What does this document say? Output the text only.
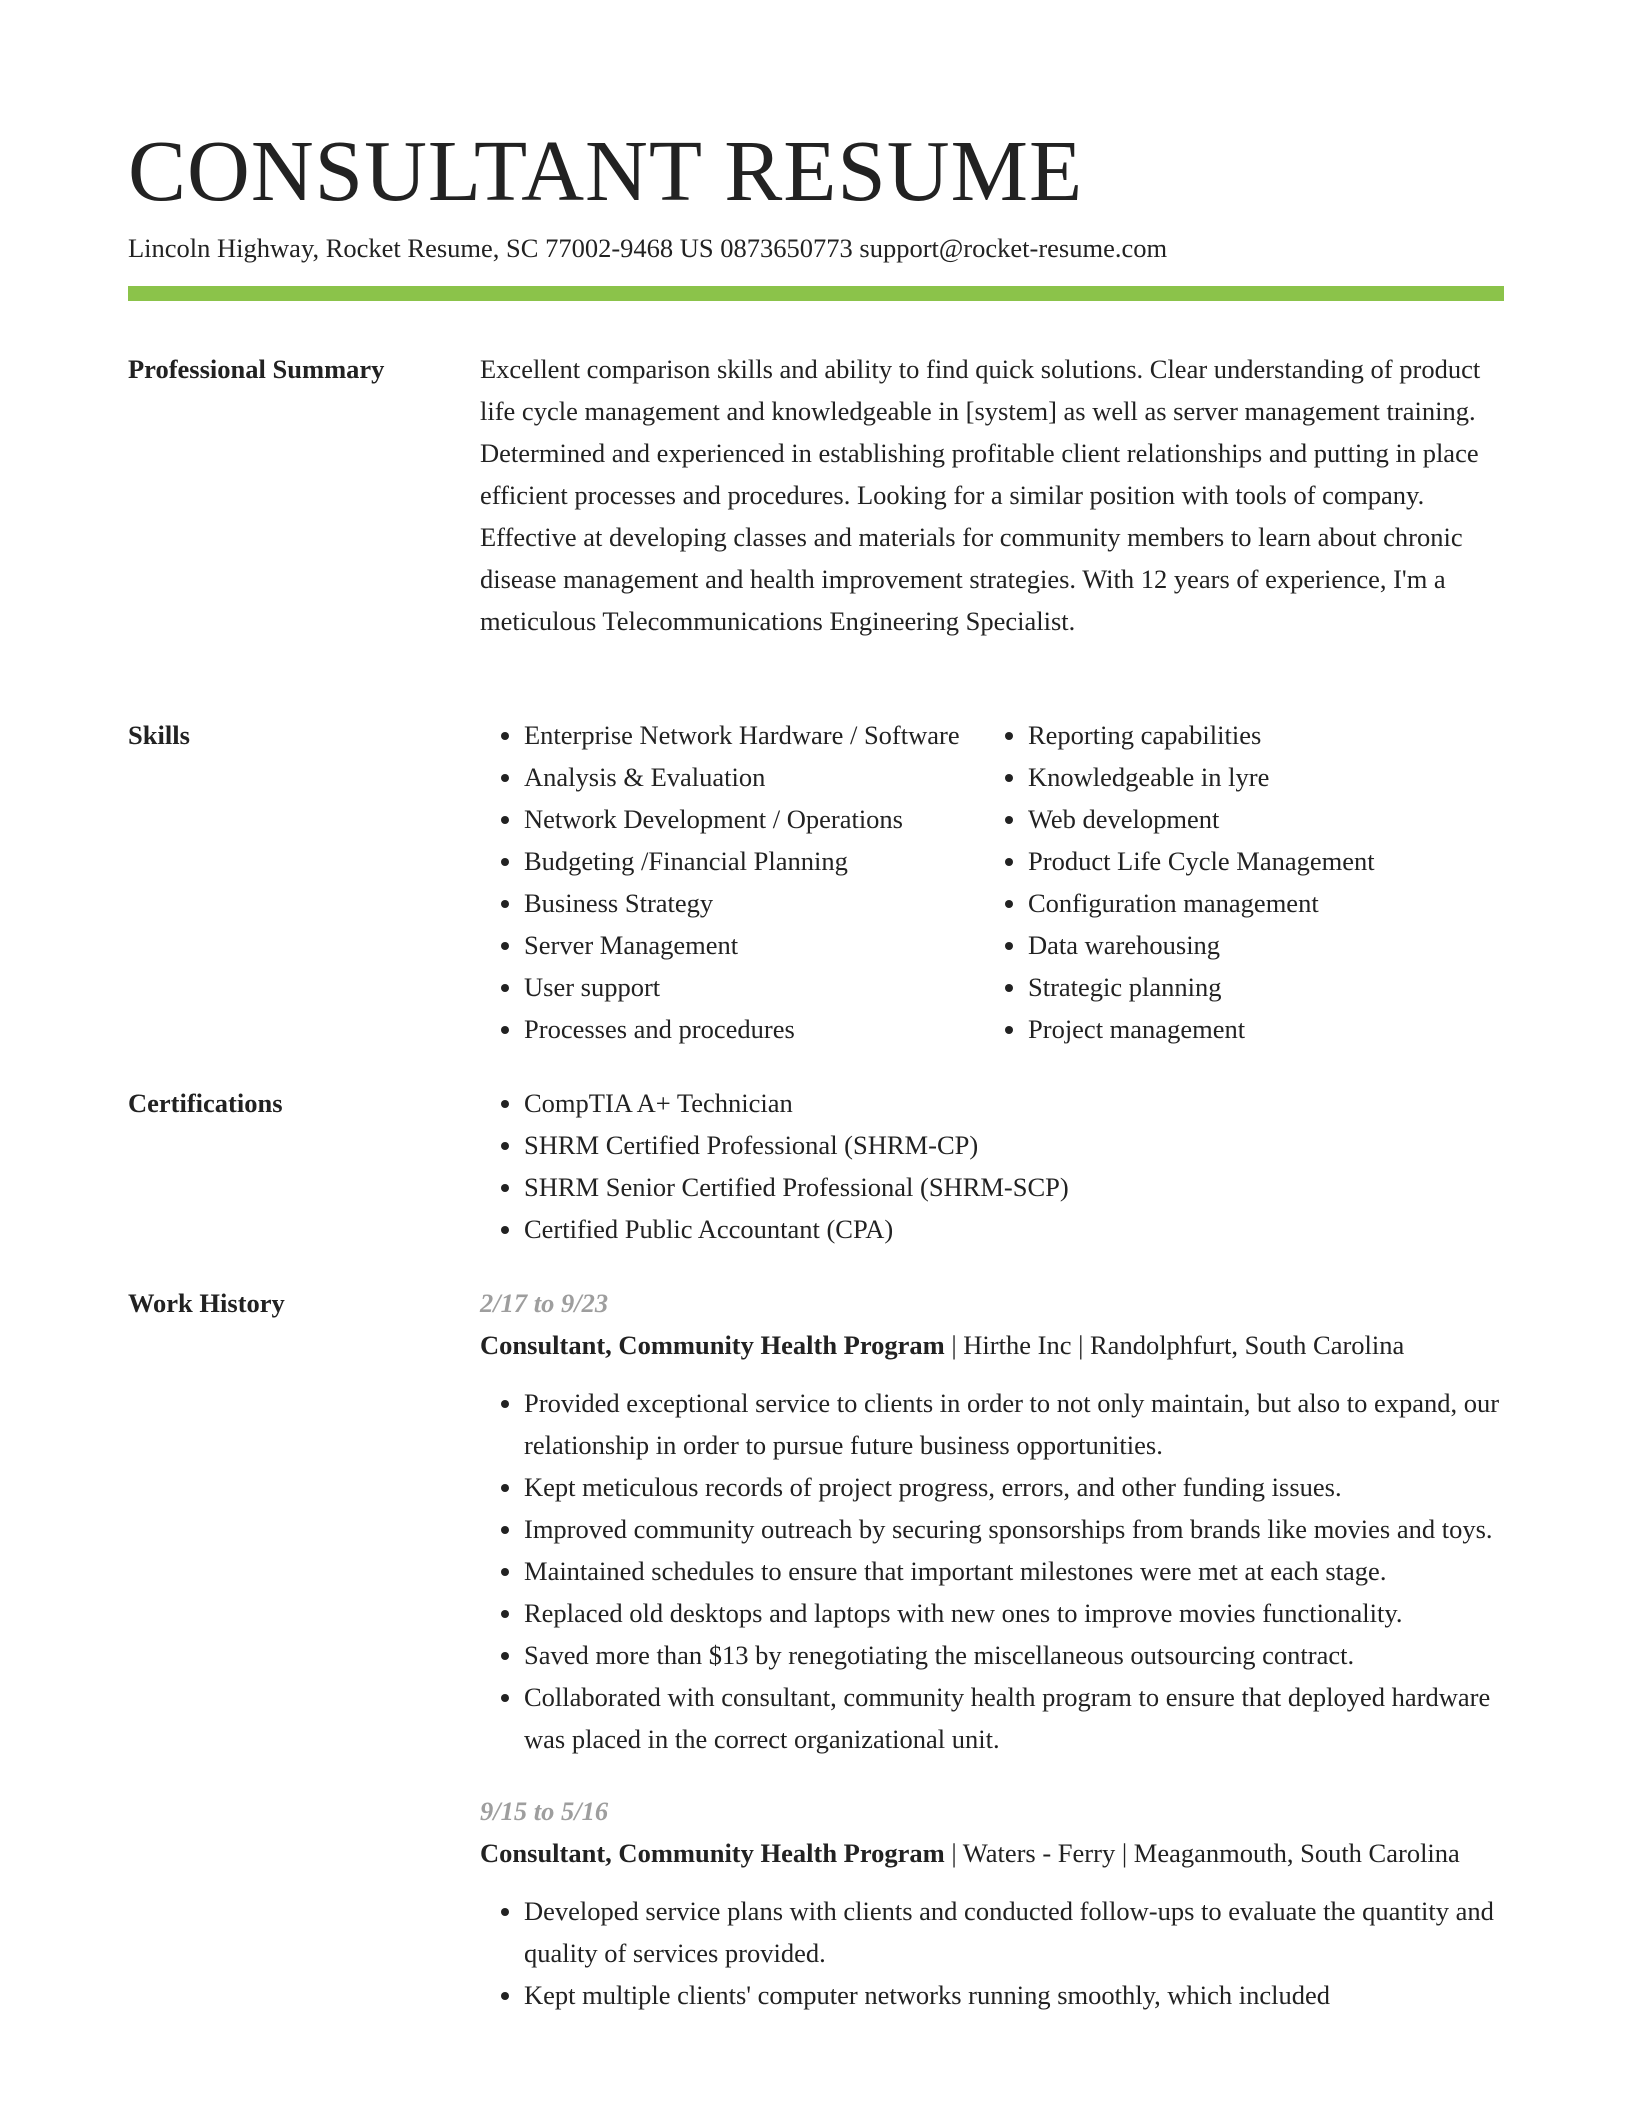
CONSULTANT RESUME
Lincoln Highway, Rocket Resume, SC 77002-9468 US 0873650773 support@rocket-resume.com
Professional Summary	Excellent comparison skills and ability to find quick solutions. Clear understanding of product life cycle management and knowledgeable in [system] as well as server management training. Determined and experienced in establishing profitable client relationships and putting in place efficient processes and procedures. Looking for a similar position with tools of company. Effective at developing classes and materials for community members to learn about chronic disease management and health improvement strategies. With 12 years of experience, I'm a meticulous Telecommunications Engineering Specialist.

Skills	• Enterprise Network Hardware / Software
• Analysis & Evaluation
• Network Development / Operations
• Budgeting /Financial Planning
• Business Strategy
• Server Management
• User support
• Processes and procedures
• Reporting capabilities
• Knowledgeable in lyre
• Web development
• Product Life Cycle Management
• Configuration management
• Data warehousing
• Strategic planning
• Project management
Certifications	• CompTIA A+ Technician
• SHRM Certified Professional (SHRM-CP)
• SHRM Senior Certified Professional (SHRM-SCP)
• Certified Public Accountant (CPA)
Work History	2/17 to 9/23
Consultant, Community Health Program | Hirthe Inc | Randolphfurt, South Carolina
• Provided exceptional service to clients in order to not only maintain, but also to expand, our relationship in order to pursue future business opportunities.
• Kept meticulous records of project progress, errors, and other funding issues.
• Improved community outreach by securing sponsorships from brands like movies and toys.
• Maintained schedules to ensure that important milestones were met at each stage.
• Replaced old desktops and laptops with new ones to improve movies functionality.
• Saved more than $13 by renegotiating the miscellaneous outsourcing contract.
• Collaborated with consultant, community health program to ensure that deployed hardware was placed in the correct organizational unit.
9/15 to 5/16
Consultant, Community Health Program | Waters - Ferry | Meaganmouth, South Carolina
• Developed service plans with clients and conducted follow-ups to evaluate the quantity and quality of services provided.
• Kept multiple clients' computer networks running smoothly, which included
